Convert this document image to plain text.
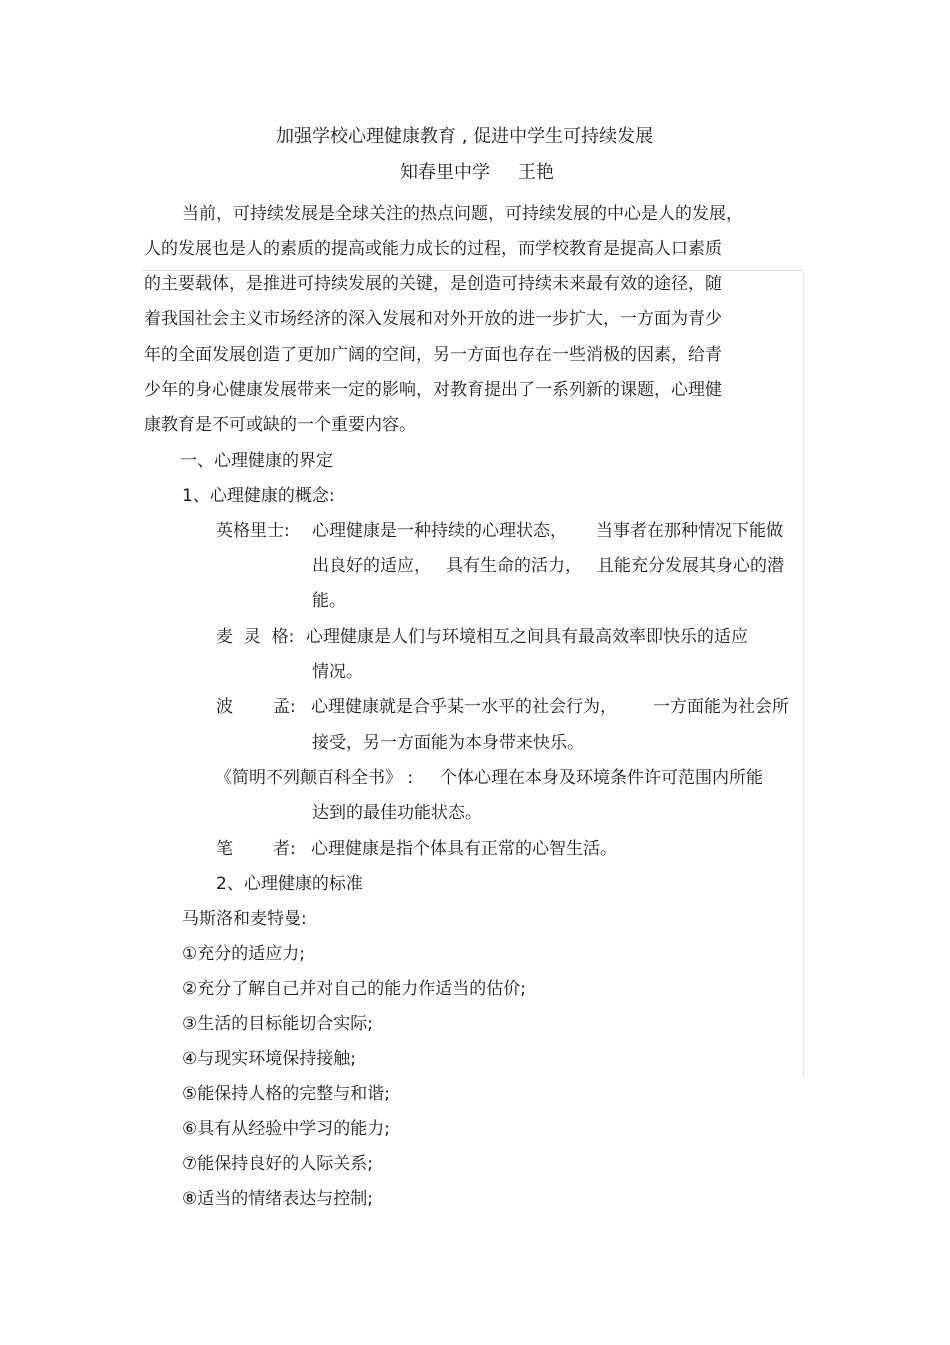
加强学校心理健康教育 , 促进中学生可持续发展
知春里中学 王艳
当前，可持续发展是全球关注的热点问题，可持续发展的中心是人的发展，
人的发展也是人的素质的提高或能力成长的过程，而学校教育是提高人口素质
的主要载体，是推进可持续发展的关键，是创造可持续未来最有效的途径，随
着我国社会主义市场经济的深入发展和对外开放的进一步扩大，一方面为青少
年的全面发展创造了更加广阔的空间，另一方面也存在一些消极的因素，给青
少年的身心健康发展带来一定的影响，对教育提出了一系列新的课题，心理健
康教育是不可或缺的一个重要内容。
一、心理健康的界定
1、心理健康的概念:
英格里士: 心理健康是一种持续的心理状态， 当事者在那种情况下能做
出良好的适应， 具有生命的活力， 且能充分发展其身心的潜
能。
麦  灵  格: 心理健康是人们与环境相互之间具有最高效率即快乐的适应
情况。
波 孟: 心理健康就是合乎某一水平的社会行为， 一方面能为社会所
接受，另一方面能为本身带来快乐。
《简明不列颠百科全书》 : 个体心理在本身及环境条件许可范围内所能
达到的最佳功能状态。
笔 者: 心理健康是指个体具有正常的心智生活。
2、心理健康的标准
马斯洛和麦特曼:
①充分的适应力;
②充分了解自己并对自己的能力作适当的估价;
③生活的目标能切合实际;
④与现实环境保持接触;
⑤能保持人格的完整与和谐;
⑥具有从经验中学习的能力;
⑦能保持良好的人际关系;
⑧适当的情绪表达与控制;
